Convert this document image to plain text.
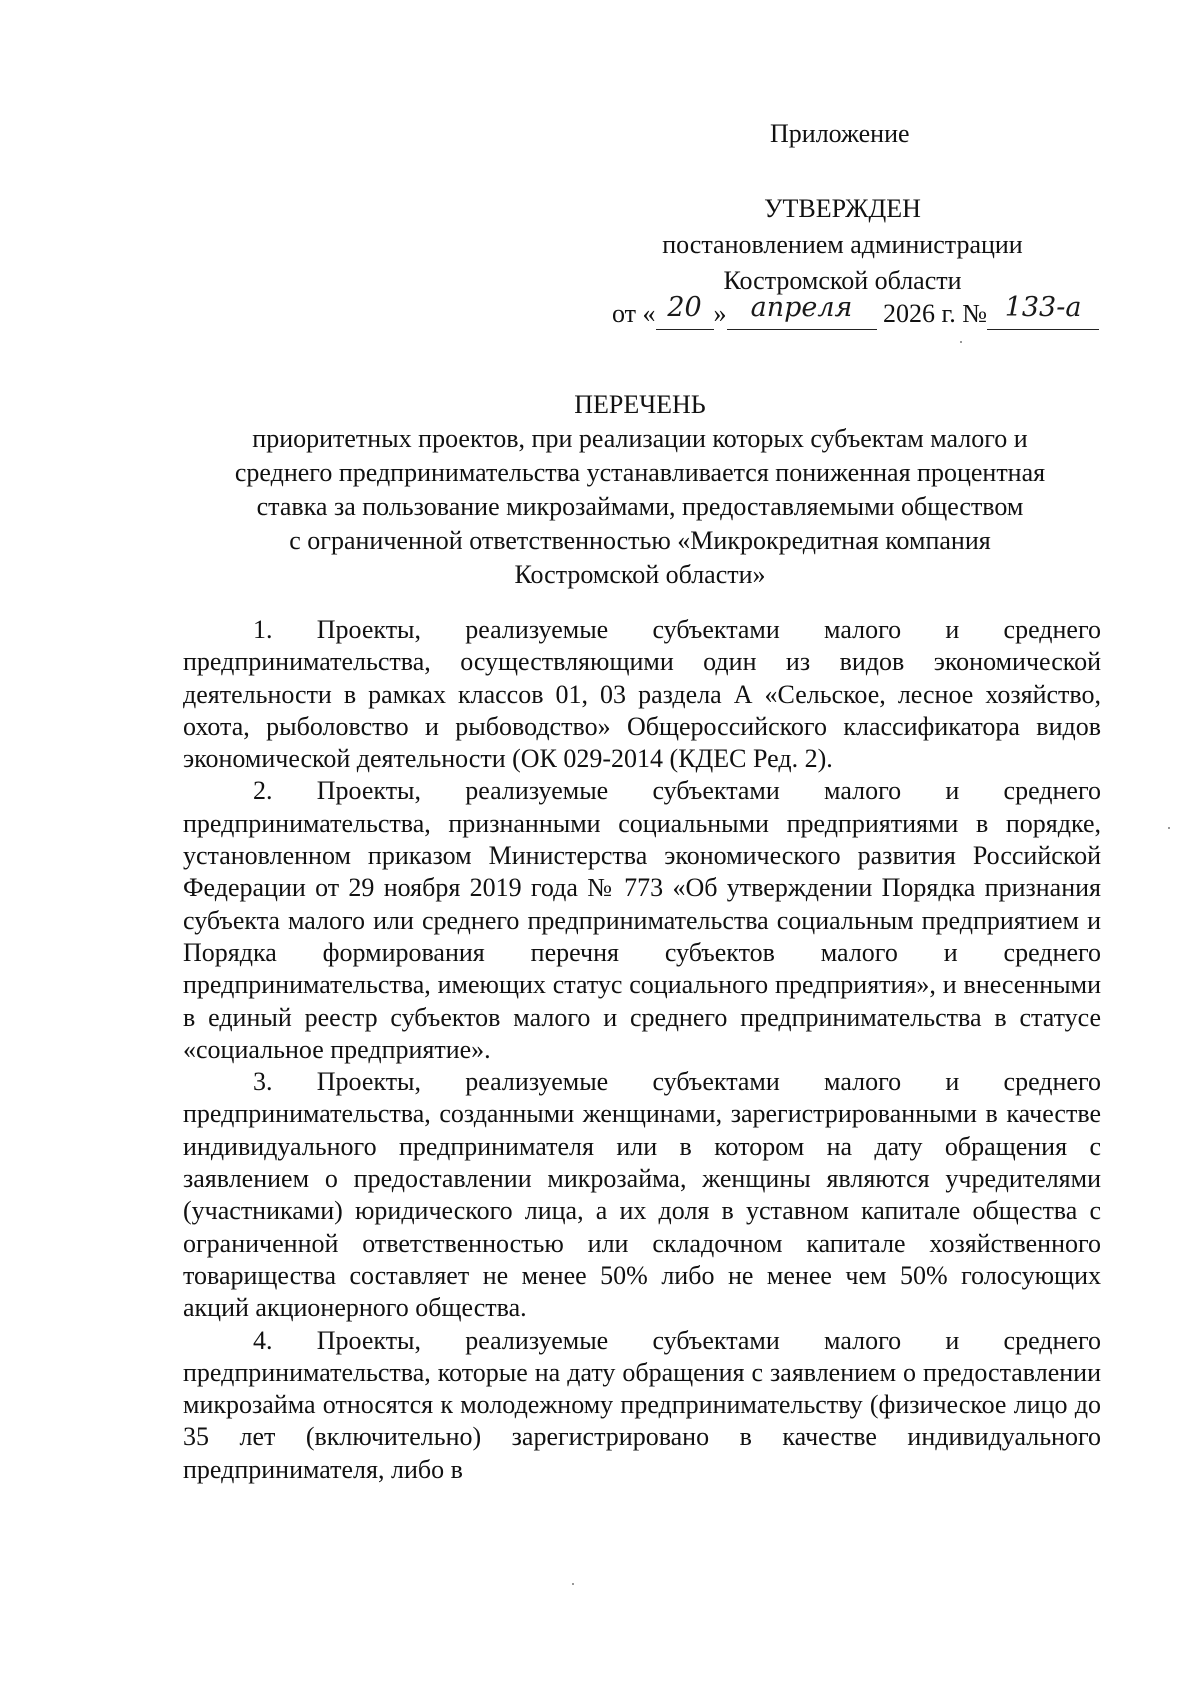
Приложение
УТВЕРЖДЕН
постановлением администрации
Костромской области
от « 20 » апреля 2026 г. № 133-а
ПЕРЕЧЕНЬ
приоритетных проектов, при реализации которых субъектам малого и
среднего предпринимательства устанавливается пониженная процентная
ставка за пользование микрозаймами, предоставляемыми обществом
с ограниченной ответственностью «Микрокредитная компания
Костромской области»

1. Проекты, реализуемые субъектами малого и среднего предпринимательства, осуществляющими один из видов экономической деятельности в рамках классов 01, 03 раздела А «Сельское, лесное хозяйство, охота, рыболовство и рыбоводство» Общероссийского классификатора видов экономической деятельности (ОК 029-2014 (КДЕС Ред. 2).

2. Проекты, реализуемые субъектами малого и среднего предпринимательства, признанными социальными предприятиями в порядке, установленном приказом Министерства экономического развития Российской Федерации от 29 ноября 2019 года № 773 «Об утверждении Порядка признания субъекта малого или среднего предпринимательства социальным предприятием и Порядка формирования перечня субъектов малого и среднего предпринимательства, имеющих статус социального предприятия», и внесенными в единый реестр субъектов малого и среднего предпринимательства в статусе «социальное предприятие».

3. Проекты, реализуемые субъектами малого и среднего предпринимательства, созданными женщинами, зарегистрированными в качестве индивидуального предпринимателя или в котором на дату обращения с заявлением о предоставлении микрозайма, женщины являются учредителями (участниками) юридического лица, а их доля в уставном капитале общества с ограниченной ответственностью или складочном капитале хозяйственного товарищества составляет не менее 50% либо не менее чем 50% голосующих акций акционерного общества.

4. Проекты, реализуемые субъектами малого и среднего предпринимательства, которые на дату обращения с заявлением о предоставлении микрозайма относятся к молодежному предпринимательству (физическое лицо до 35 лет (включительно) зарегистрировано в качестве индивидуального предпринимателя, либо в
